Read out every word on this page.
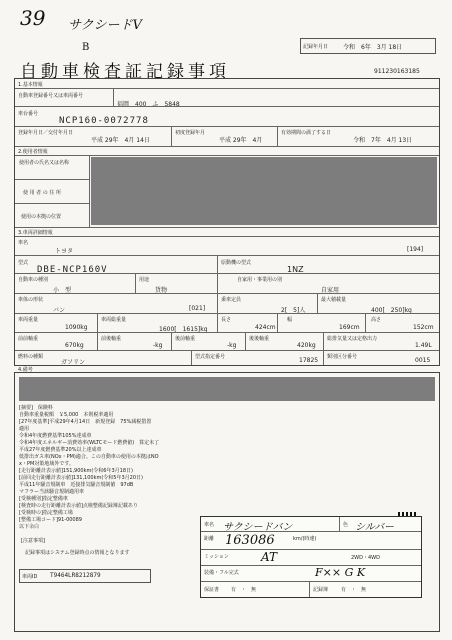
39 サクシードV
B	記録年月日 令和　6年　3月 18日
自動車検査証記録事項	911230163185
1.基本情報
自動車登録番号又は車両番号
福岡　400　ふ　5848
車台番号
NCP160-0072778
登録年月日／交付年月日
平成 29年　4月 14日
初度登録年月
平成 29年　4月
有効期間の満了する日
令和　7年　4月 13日
2.使用者情報
使用者の氏名又は名称
使 用 者 の 住 所
使用の本拠の位置
3.車両詳細情報
車名
トヨタ	[194]
型式
DBE-NCP160V
原動機の型式
1NZ
自動車の種別
小　型
用途
貨物
自家用・事業用の別
自家用
車体の形状
バン	[021]
乗車定員
2[　5]人
最大積載量
400[　250]kg
車両重量
1090kg
車両総重量
1600[　1615]kg
長さ
424cm
幅
169cm
高さ
152cm
前前軸重
670kg
前後軸重
-kg
後前軸重
-kg
後後軸重
420kg
総排気量又は定格出力
1.49L
燃料の種類
ガソリン
型式指定番号	17825 類別区分番号	0015
4.備考
[摘要]　保険料
自動車重量税額　￥5,000　本則税率適用
[27年度基準]平成29年4月14日　新規登録　75%減税措置
適用
令和4年度燃費基準105%達成車
令和4年度エネルギー消費効率(WLTCモード燃費値)　算定未了
平成27年度燃費基準20%以上達成車
低排出ガス車(NOx・PM)適合。この自動車の使用の本拠はNO
x・PM対策地域外です。
[走行距離計表示値]151,900km(令和6年3月18日)
[前回走行距離計表示値]131,100km(令和5年3月20日)
平成11年騒音規制車　近接排気騒音規制値　97dB
マフラー当該騒音規制適用車
[受検種別]指定整備車
[検査時の走行距離計表示値]点検整備記録簿記載あり
[受検時の]指定整備工場
[整備工場コード]91-00089
以下余白
[注意事項]
記録事項はシステム登録時点の情報となります
車両ID T9464LR8212879
車名 サクシードバン	色 シルバー
距離 163086	km/(時速)
ミッション	AT	2WD・4WD
装備・フル完式	F×× G K
保証書 有　・　無	記録簿	有　・　無
